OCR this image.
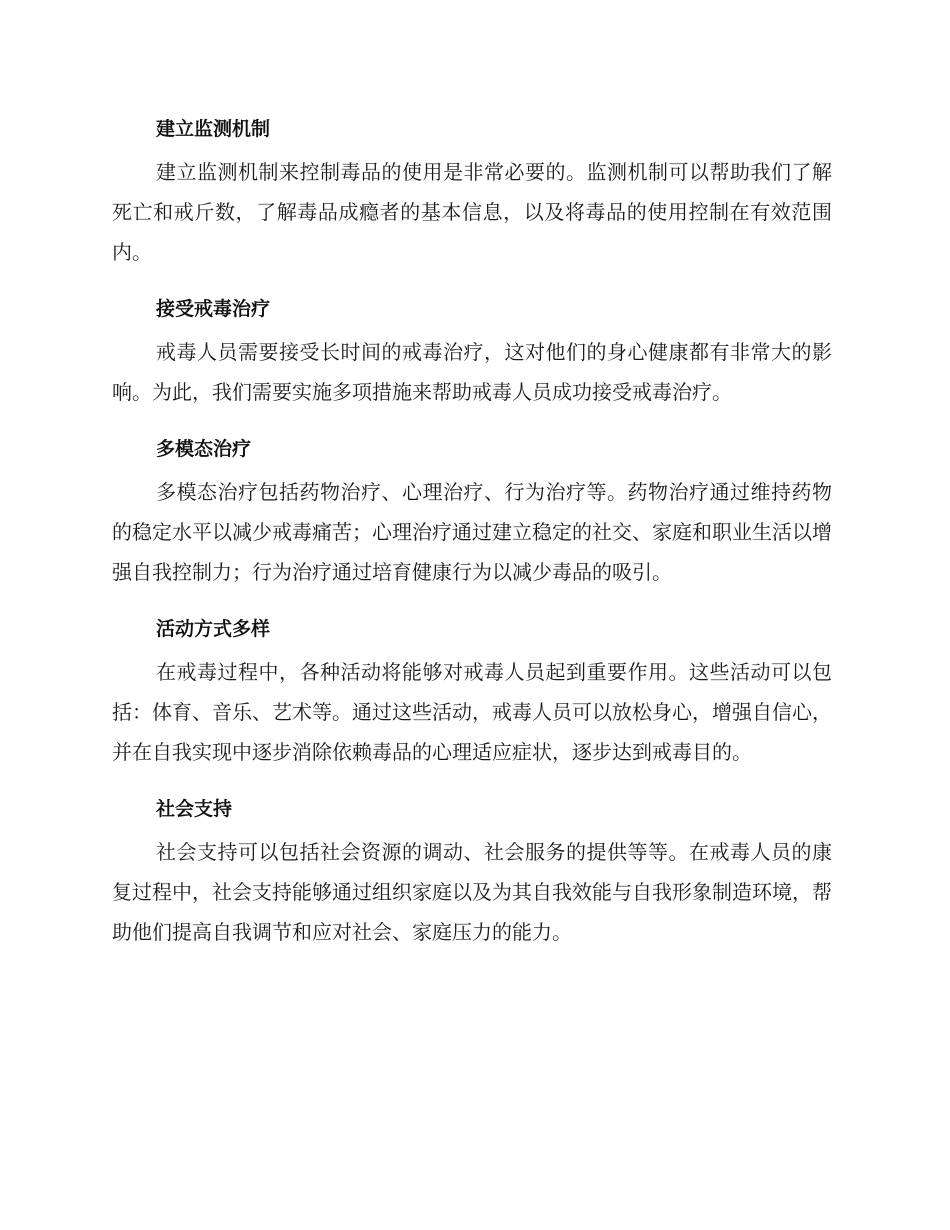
建立监测机制

建立监测机制来控制毒品的使用是非常必要的。监测机制可以帮助我们了解死亡和戒斤数，了解毒品成瘾者的基本信息，以及将毒品的使用控制在有效范围内。

接受戒毒治疗

戒毒人员需要接受长时间的戒毒治疗，这对他们的身心健康都有非常大的影响。为此，我们需要实施多项措施来帮助戒毒人员成功接受戒毒治疗。

多模态治疗

多模态治疗包括药物治疗、心理治疗、行为治疗等。药物治疗通过维持药物的稳定水平以减少戒毒痛苦；心理治疗通过建立稳定的社交、家庭和职业生活以增强自我控制力；行为治疗通过培育健康行为以减少毒品的吸引。

活动方式多样

在戒毒过程中，各种活动将能够对戒毒人员起到重要作用。这些活动可以包括：体育、音乐、艺术等。通过这些活动，戒毒人员可以放松身心，增强自信心，并在自我实现中逐步消除依赖毒品的心理适应症状，逐步达到戒毒目的。

社会支持

社会支持可以包括社会资源的调动、社会服务的提供等等。在戒毒人员的康复过程中，社会支持能够通过组织家庭以及为其自我效能与自我形象制造环境，帮助他们提高自我调节和应对社会、家庭压力的能力。
